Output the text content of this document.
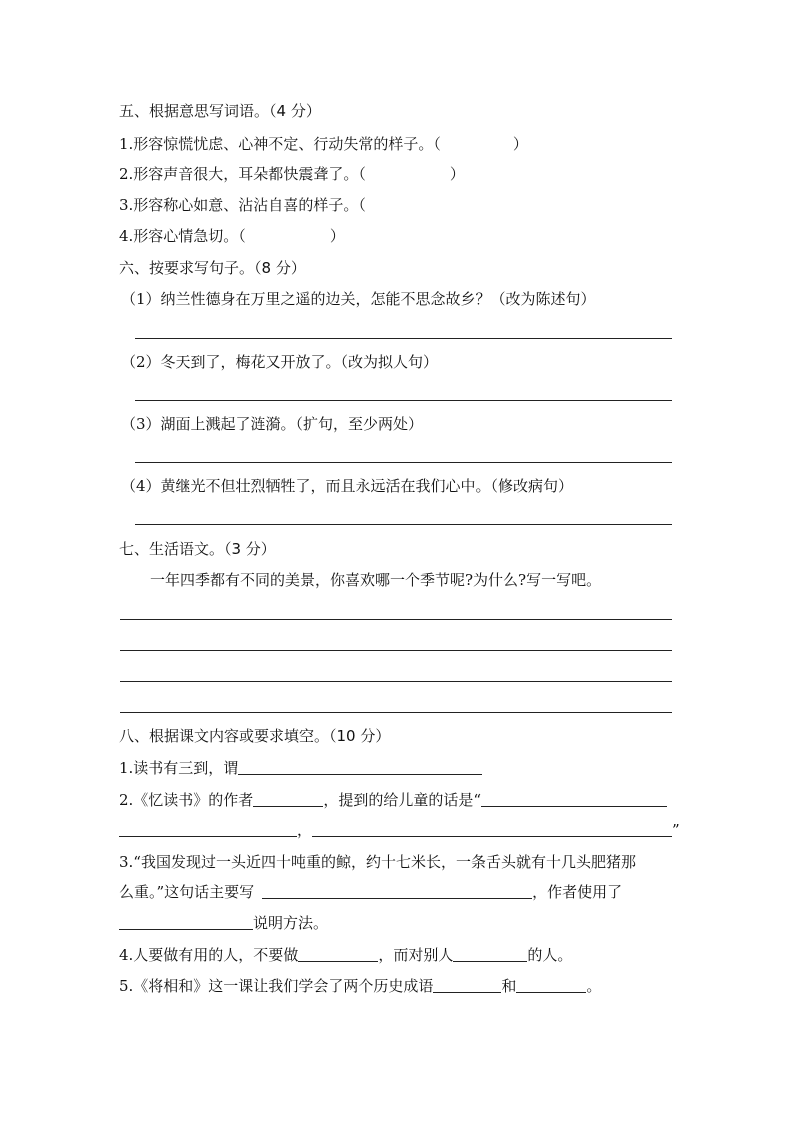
五、根据意思写词语。（4 分）
1.形容惊慌忧虑、心神不定、行动失常的样子。（	）
2.形容声音很大，耳朵都快震聋了。（	）
3.形容称心如意、沾沾自喜的样子。（
4.形容心情急切。（	）
六、按要求写句子。（8 分）
（1）纳兰性德身在万里之遥的边关，怎能不思念故乡？（改为陈述句）
（2）冬天到了，梅花又开放了。（改为拟人句）
（3）湖面上溅起了涟漪。（扩句，至少两处）
（4）黄继光不但壮烈牺牲了，而且永远活在我们心中。（修改病句）
七、生活语文。（3 分）
一年四季都有不同的美景，你喜欢哪一个季节呢?为什么?写一写吧。
八、根据课文内容或要求填空。（10 分）
1.读书有三到，谓
2.《忆读书》的作者	，提到的给儿童的话是“
，	”
3.“我国发现过一头近四十吨重的鲸，约十七米长，一条舌头就有十几头肥猪那
么重。”这句话主要写	，作者使用了
说明方法。
4.人要做有用的人，不要做	，而对别人	的人。
5.《将相和》这一课让我们学会了两个历史成语	和	。
